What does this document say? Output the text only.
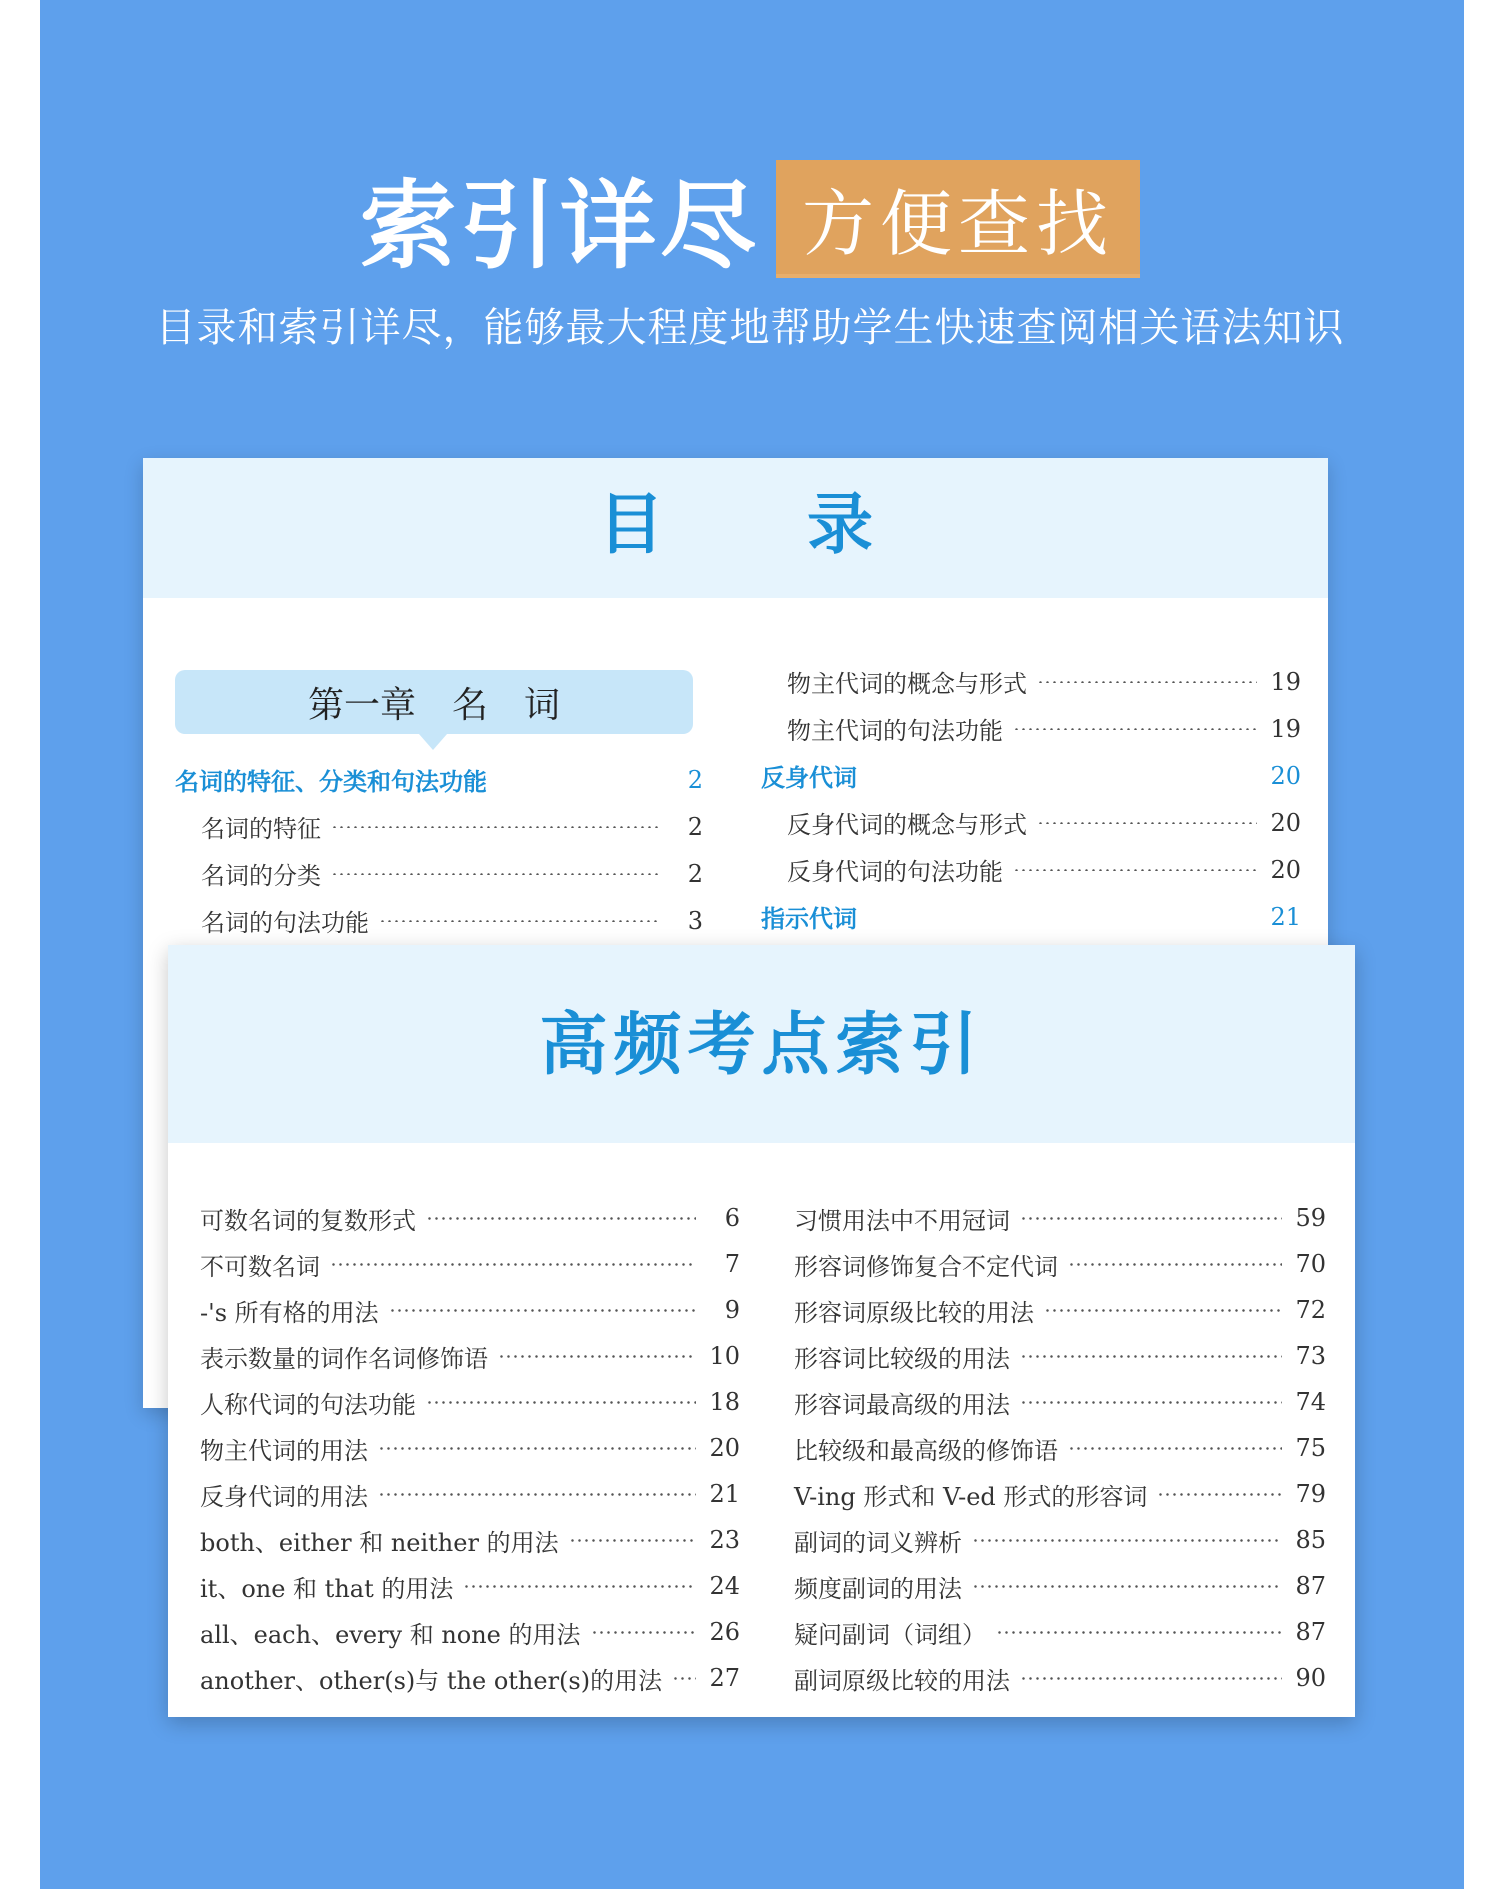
索引详尽 方便查找
目录和索引详尽，能够最大程度地帮助学生快速查阅相关语法知识
目 录
第一章　名　词
名词的特征、分类和句法功能	2
名词的特征	2
名词的分类	2
名词的句法功能	3
物主代词的概念与形式	19
物主代词的句法功能	19
反身代词	20
反身代词的概念与形式	20
反身代词的句法功能	20
指示代词	21
高频考点索引
可数名词的复数形式	6
不可数名词	7
-'s 所有格的用法	9
表示数量的词作名词修饰语	10
人称代词的句法功能	18
物主代词的用法	20
反身代词的用法	21
both、either 和 neither 的用法	23
it、one 和 that 的用法	24
all、each、every 和 none 的用法	26
another、other(s)与 the other(s)的用法 27
习惯用法中不用冠词	59
形容词修饰复合不定代词	70
形容词原级比较的用法	72
形容词比较级的用法	73
形容词最高级的用法	74
比较级和最高级的修饰语	75
V-ing 形式和 V-ed 形式的形容词	79
副词的词义辨析	85
频度副词的用法	87
疑问副词（词组）	87
副词原级比较的用法	90
